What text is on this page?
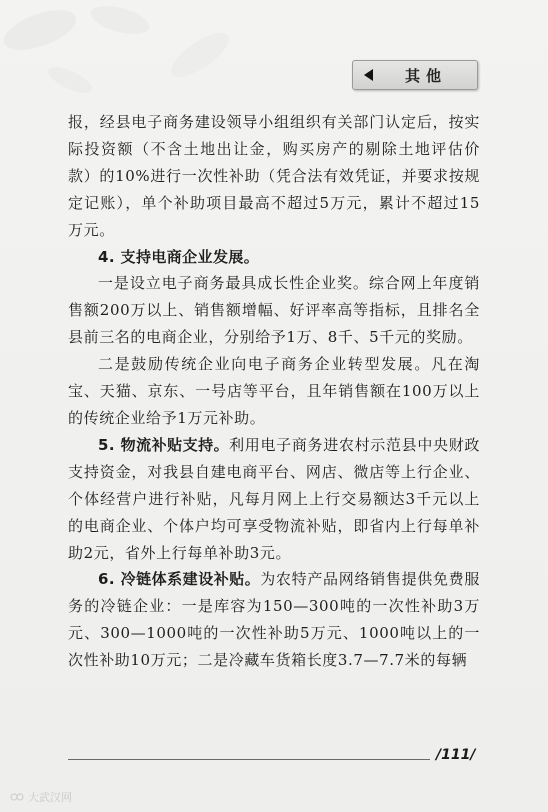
其他

报，经县电子商务建设领导小组组织有关部门认定后，按实际投资额（不含土地出让金，购买房产的剔除土地评估价款）的10%进行一次性补助（凭合法有效凭证，并要求按规定记账），单个补助项目最高不超过5万元，累计不超过15万元。

4. 支持电商企业发展。

一是设立电子商务最具成长性企业奖。综合网上年度销售额200万以上、销售额增幅、好评率高等指标，且排名全县前三名的电商企业，分别给予1万、8千、5千元的奖励。

二是鼓励传统企业向电子商务企业转型发展。凡在淘宝、天猫、京东、一号店等平台，且年销售额在100万以上的传统企业给予1万元补助。

5. 物流补贴支持。利用电子商务进农村示范县中央财政支持资金，对我县自建电商平台、网店、微店等上行企业、个体经营户进行补贴，凡每月网上上行交易额达3千元以上的电商企业、个体户均可享受物流补贴，即省内上行每单补助2元，省外上行每单补助3元。

6. 冷链体系建设补贴。为农特产品网络销售提供免费服务的冷链企业：一是库容为150—300吨的一次性补助3万元、300—1000吨的一次性补助5万元、1000吨以上的一次性补助10万元；二是冷藏车货箱长度3.7—7.7米的每辆

/111/
大武汉网
